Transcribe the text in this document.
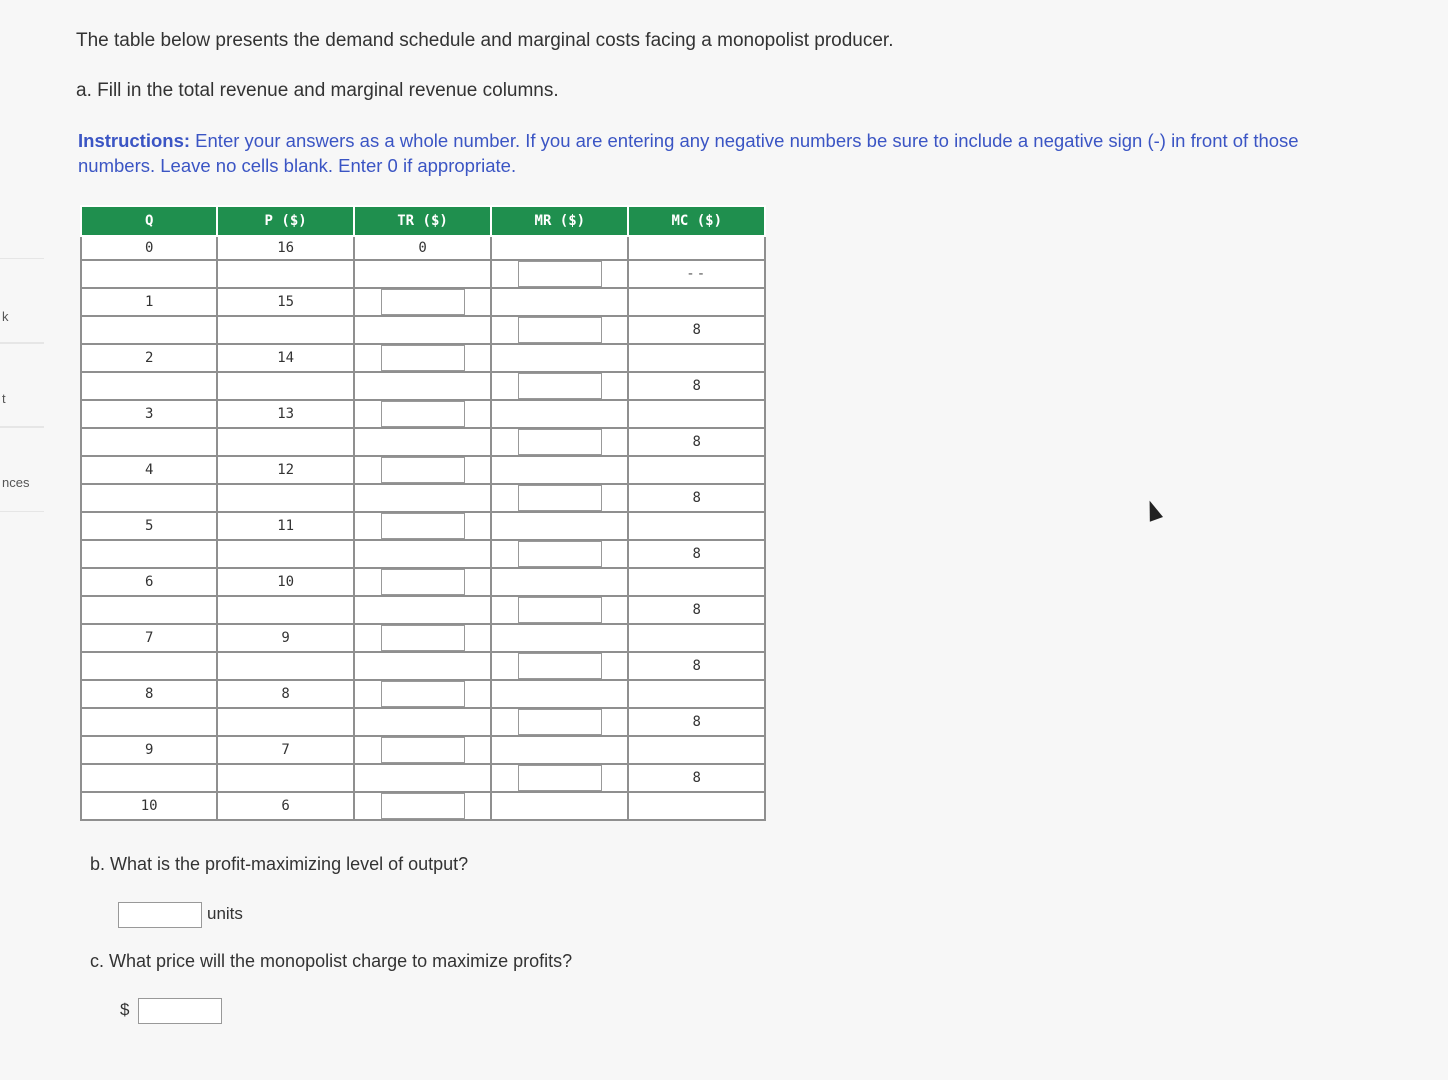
k
t
nces
The table below presents the demand schedule and marginal costs facing a monopolist producer.
a. Fill in the total revenue and marginal revenue columns.
Instructions: Enter your answers as a whole number. If you are entering any negative numbers be sure to include a negative sign (-) in front of those numbers. Leave no cells blank. Enter 0 if appropriate.
Q	P ($)	TR ($)	MR ($)	MC ($)
0	16	0		
				--
1	15			
				8
2	14			
				8
3	13			
				8
4	12			
				8
5	11			
				8
6	10			
				8
7	9			
				8
8	8			
				8
9	7			
				8
10	6			
b. What is the profit-maximizing level of output?
units
c. What price will the monopolist charge to maximize profits?
$
